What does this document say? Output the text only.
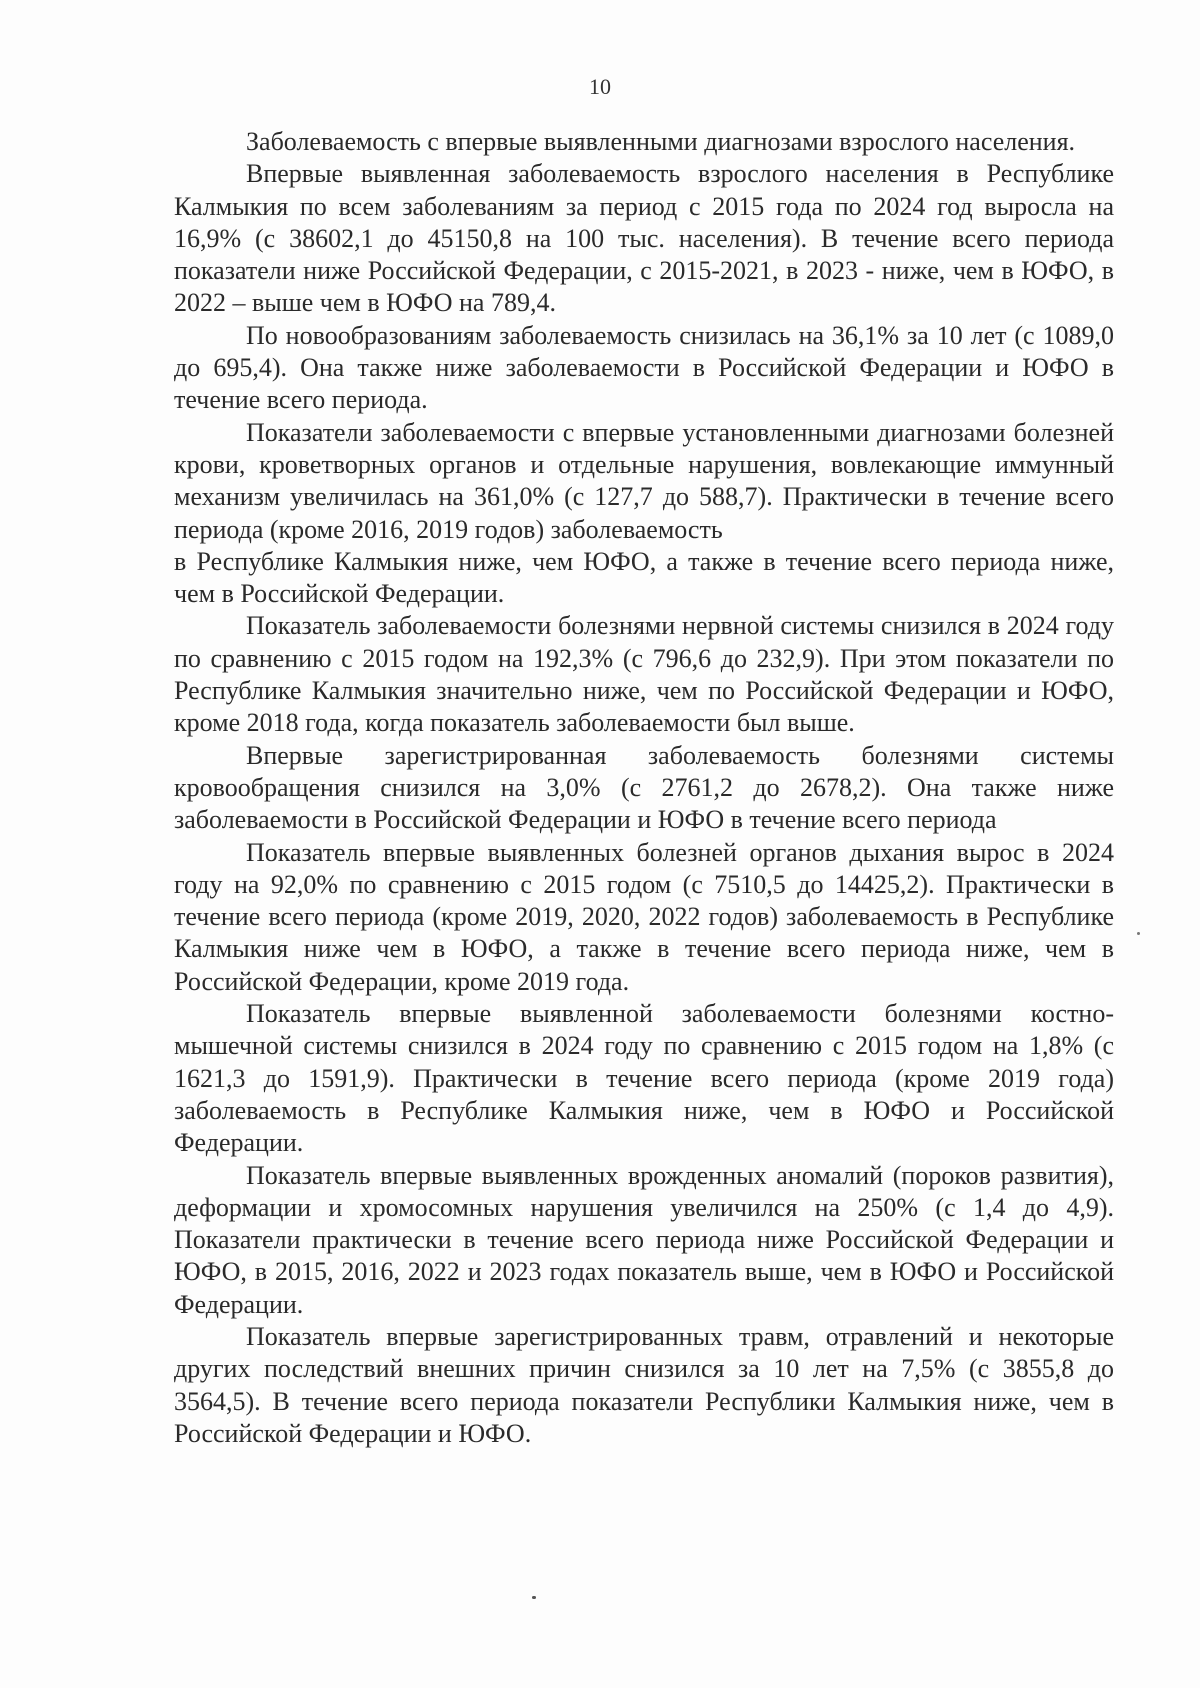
10

Заболеваемость с впервые выявленными диагнозами взрослого населения.

Впервые выявленная заболеваемость взрослого населения в Республике Калмыкия по всем заболеваниям за период с 2015 года по 2024 год выросла на 16,9% (с 38602,1 до 45150,8 на 100 тыс. населения). В течение всего периода показатели ниже Российской Федерации, с 2015-2021, в 2023 - ниже, чем в ЮФО, в 2022 – выше чем в ЮФО на 789,4.

По новообразованиям заболеваемость снизилась на 36,1% за 10 лет (с 1089,0 до 695,4). Она также ниже заболеваемости в Российской Федерации и ЮФО в течение всего периода.

Показатели заболеваемости с впервые установленными диагнозами болезней крови, кроветворных органов и отдельные нарушения, вовлекающие иммунный механизм увеличилась на 361,0% (с 127,7 до 588,7). Практически в течение всего периода (кроме 2016, 2019 годов) заболеваемость

в Республике Калмыкия ниже, чем ЮФО, а также в течение всего периода ниже, чем в Российской Федерации.

Показатель заболеваемости болезнями нервной системы снизился в 2024 году по сравнению с 2015 годом на 192,3% (с 796,6 до 232,9). При этом показатели по Республике Калмыкия значительно ниже, чем по Российской Федерации и ЮФО, кроме 2018 года, когда показатель заболеваемости был выше.

Впервые зарегистрированная заболеваемость болезнями системы кровообращения снизился на 3,0% (с 2761,2 до 2678,2). Она также ниже заболеваемости в Российской Федерации и ЮФО в течение всего периода

Показатель впервые выявленных болезней органов дыхания вырос в 2024 году на 92,0% по сравнению с 2015 годом (с 7510,5 до 14425,2). Практически в течение всего периода (кроме 2019, 2020, 2022 годов) заболеваемость в Республике Калмыкия ниже чем в ЮФО, а также в течение всего периода ниже, чем в Российской Федерации, кроме 2019 года.

Показатель впервые выявленной заболеваемости болезнями костно-мышечной системы снизился в 2024 году по сравнению с 2015 годом на 1,8% (с 1621,3 до 1591,9). Практически в течение всего периода (кроме 2019 года) заболеваемость в Республике Калмыкия ниже, чем в ЮФО и Российской Федерации.

Показатель впервые выявленных врожденных аномалий (пороков развития), деформации и хромосомных нарушения увеличился на 250% (с 1,4 до 4,9). Показатели практически в течение всего периода ниже Российской Федерации и ЮФО, в 2015, 2016, 2022 и 2023 годах показатель выше, чем в ЮФО и Российской Федерации.

Показатель впервые зарегистрированных травм, отравлений и некоторые других последствий внешних причин снизился за 10 лет на 7,5% (с 3855,8 до 3564,5). В течение всего периода показатели Республики Калмыкия ниже, чем в Российской Федерации и ЮФО.
